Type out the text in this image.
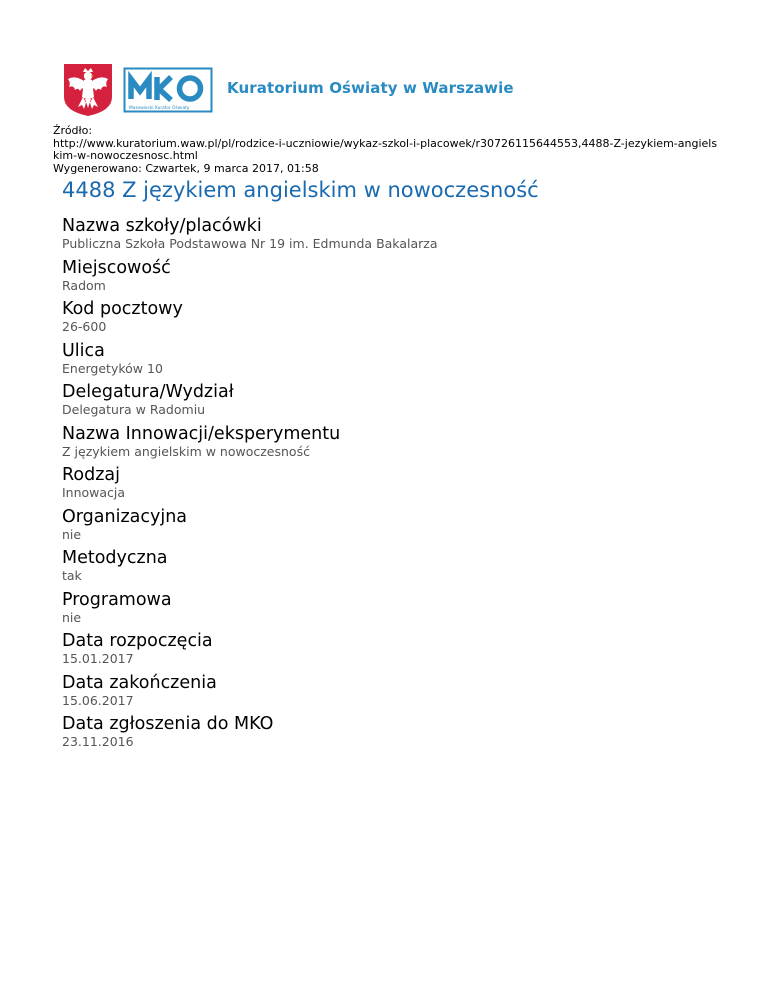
Mazowiecki Kurator Oświaty
Kuratorium Oświaty w Warszawie
Źródło:
http://www.kuratorium.waw.pl/pl/rodzice-i-uczniowie/wykaz-szkol-i-placowek/r30726115644553,4488-Z-jezykiem-angielskim-w-nowoczesnosc.html
Wygenerowano: Czwartek, 9 marca 2017, 01:58
4488 Z językiem angielskim w nowoczesność
Nazwa szkoły/placówki
Publiczna Szkoła Podstawowa Nr 19 im. Edmunda Bakalarza
Miejscowość
Radom
Kod pocztowy
26-600
Ulica
Energetyków 10
Delegatura/Wydział
Delegatura w Radomiu
Nazwa Innowacji/eksperymentu
Z językiem angielskim w nowoczesność
Rodzaj
Innowacja
Organizacyjna
nie
Metodyczna
tak
Programowa
nie
Data rozpoczęcia
15.01.2017
Data zakończenia
15.06.2017
Data zgłoszenia do MKO
23.11.2016
